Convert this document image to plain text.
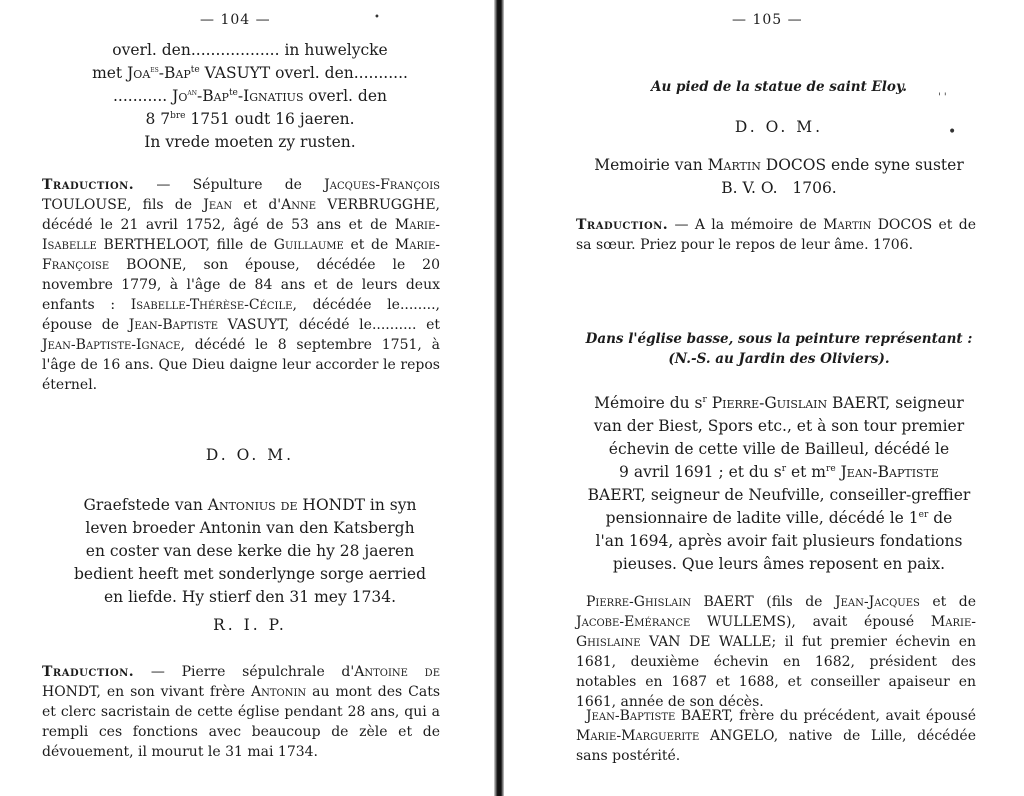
— 104 —	•
overl. den.................. in huwelycke
met Joa$^{es}$-Bap$^{te}$ VASUYT overl. den...........
........... $Jo^{an}-Bap^{te}$-Ignatius overl. den
8 $7^{bre}$ 1751 oudt 16 jaeren.
In vrede moeten zy rusten.
Traduction. — Sépulture de Jacques-François TOULOUSE, fils de Jean et d'Anne VERBRUGGHE, décédé le 21 avril 1752, âgé de 53 ans et de Marie-Isabelle BERTHELOOT, fille de Guillaume et de Marie-Françoise BOONE, son épouse, décédée le 20 novembre 1779, à l'âge de 84 ans et de leurs deux enfants : Isabelle-Thérèse-Cécile, décédée le........, épouse de Jean-Baptiste VASUYT, décédé le.......... et Jean-Baptiste-Ignace, décédé le 8 septembre 1751, à l'âge de 16 ans. Que Dieu daigne leur accorder le repos éternel.
D. O. M.
Graefstede van Antonius de HONDT in syn
leven broeder Antonin van den Katsbergh
en coster van dese kerke die hy 28 jaeren
bedient heeft met sonderlynge sorge aerried
en liefde. Hy stierf den 31 mey 1734.
R. I. P.
Traduction. — Pierre sépulchrale d'Antoine de HONDT, en son vivant frère Antonin au mont des Cats et clerc sacristain de cette église pendant 28 ans, qui a rempli ces fonctions avec beaucoup de zèle et de dévouement, il mourut le 31 mai 1734.
— 105 —
Au pied de la statue de saint Eloy.
' '
•
D. O. M.
Memoirie van Martin DOCOS ende syne suster
B. V. O.   1706.
Traduction. — A la mémoire de Martin DOCOS et de sa sœur. Priez pour le repos de leur âme. 1706.
Dans l'église basse, sous la peinture représentant :
(N.-S. au Jardin des Oliviers).
Mémoire du $s^r$ Pierre-Guislain BAERT, seigneur
van der Biest, Spors etc., et à son tour premier
échevin de cette ville de Bailleul, décédé le
9 avril 1691 ; et du $s^r$ et $m^{re}$ Jean-Baptiste
BAERT, seigneur de Neufville, conseiller-greffier
pensionnaire de ladite ville, décédé le 1er de
l'an 1694, après avoir fait plusieurs fondations
pieuses. Que leurs âmes reposent en paix.
Pierre-Ghislain BAERT (fils de Jean-Jacques et de Jacobe-Emérance WULLEMS), avait épousé Marie-Ghislaine VAN DE WALLE; il fut premier échevin en 1681, deuxième échevin en 1682, président des notables en 1687 et 1688, et conseiller apaiseur en 1661, année de son décès.
Jean-Baptiste BAERT, frère du précédent, avait épousé Marie-Marguerite ANGELO, native de Lille, décédée sans postérité.
